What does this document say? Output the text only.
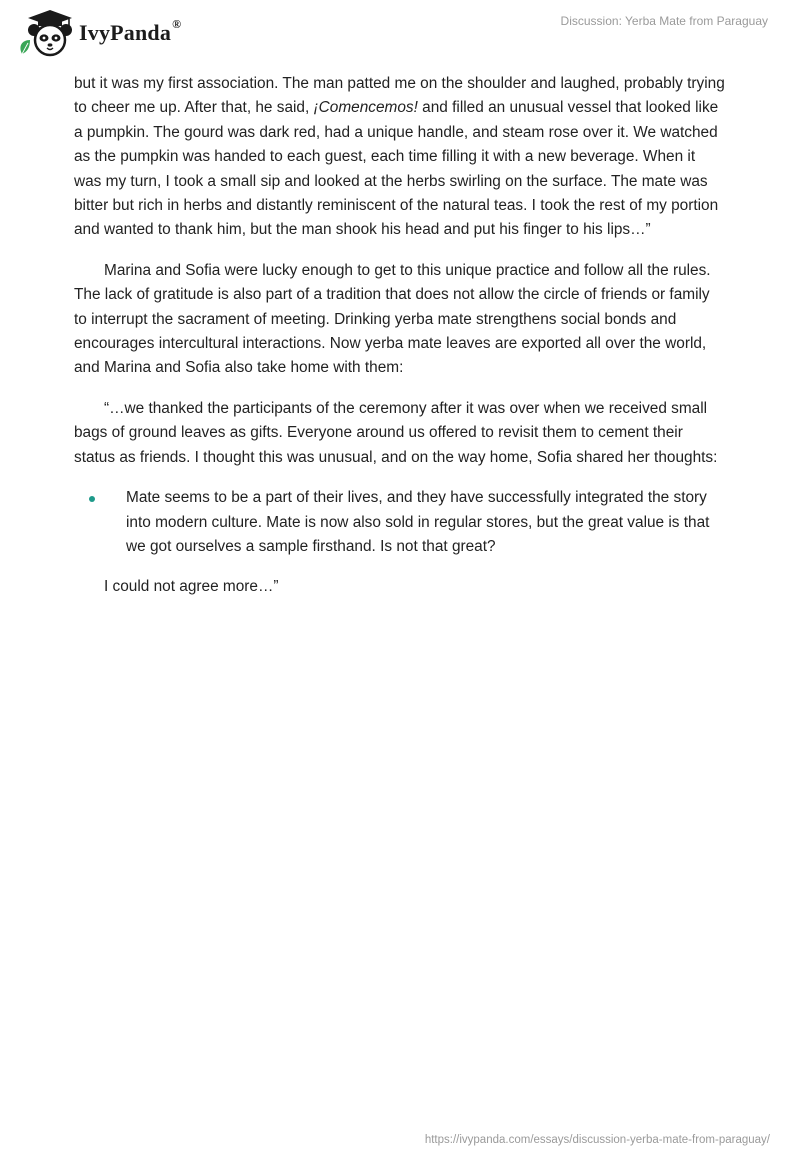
IvyPanda®	Discussion: Yerba Mate from Paraguay

but it was my first association. The man patted me on the shoulder and laughed, probably trying to cheer me up. After that, he said, ¡Comencemos! and filled an unusual vessel that looked like a pumpkin. The gourd was dark red, had a unique handle, and steam rose over it. We watched as the pumpkin was handed to each guest, each time filling it with a new beverage. When it was my turn, I took a small sip and looked at the herbs swirling on the surface. The mate was bitter but rich in herbs and distantly reminiscent of the natural teas. I took the rest of my portion and wanted to thank him, but the man shook his head and put his finger to his lips…”

Marina and Sofia were lucky enough to get to this unique practice and follow all the rules. The lack of gratitude is also part of a tradition that does not allow the circle of friends or family to interrupt the sacrament of meeting. Drinking yerba mate strengthens social bonds and encourages intercultural interactions. Now yerba mate leaves are exported all over the world, and Marina and Sofia also take home with them:

“…we thanked the participants of the ceremony after it was over when we received small bags of ground leaves as gifts. Everyone around us offered to revisit them to cement their status as friends. I thought this was unusual, and on the way home, Sofia shared her thoughts:

Mate seems to be a part of their lives, and they have successfully integrated the story into modern culture. Mate is now also sold in regular stores, but the great value is that we got ourselves a sample firsthand. Is not that great?

I could not agree more…”

https://ivypanda.com/essays/discussion-yerba-mate-from-paraguay/
